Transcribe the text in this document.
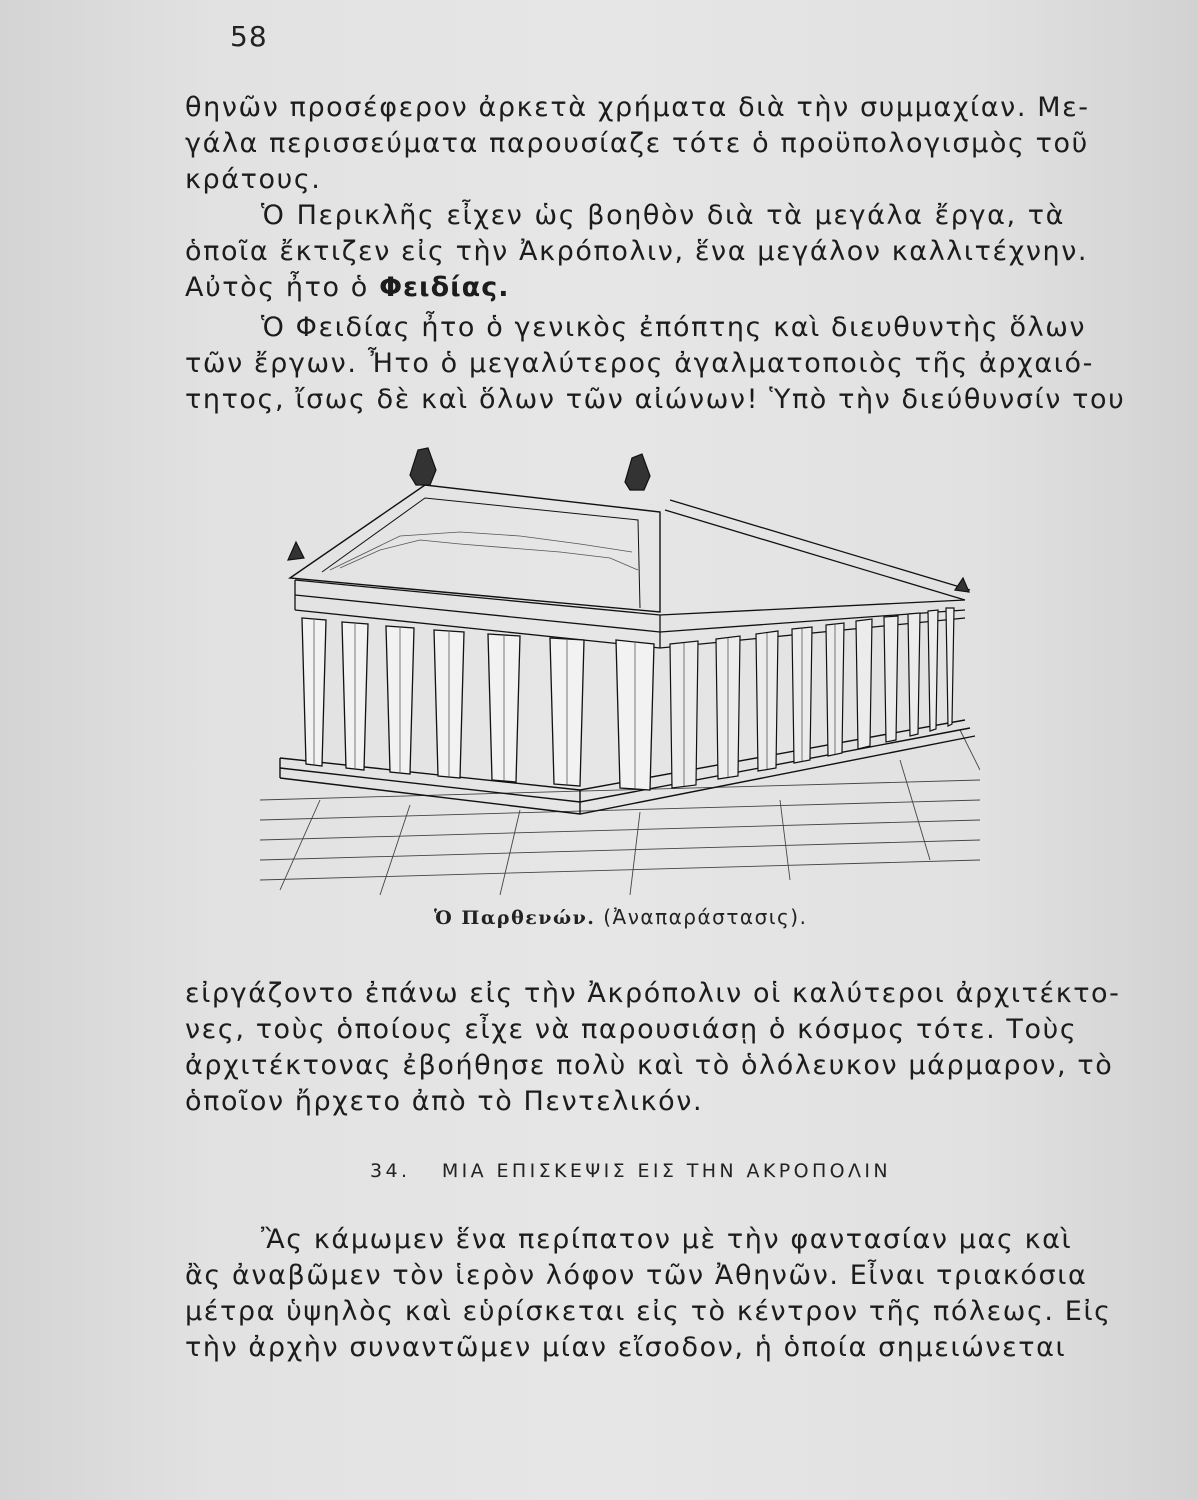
58
θηνῶν προσέφερον ἀρκετὰ χρήματα διὰ τὴν συμμαχίαν. Με-
γάλα περισσεύματα παρουσίαζε τότε ὁ προϋπολογισμὸς τοῦ
κράτους.
Ὁ Περικλῆς εἶχεν ὡς βοηθὸν διὰ τὰ μεγάλα ἔργα, τὰ
ὁποῖα ἔκτιζεν εἰς τὴν Ἀκρόπολιν, ἕνα μεγάλον καλλιτέχνην.
Αὐτὸς ἦτο ὁ Φειδίας.
Ὁ Φειδίας ἦτο ὁ γενικὸς ἐπόπτης καὶ διευθυντὴς ὅλων
τῶν ἔργων. Ἦτο ὁ μεγαλύτερος ἀγαλματοποιὸς τῆς ἀρχαιό-
τητος, ἴσως δὲ καὶ ὅλων τῶν αἰώνων! Ὑπὸ τὴν διεύθυνσίν του
Ὁ Παρθενών. (Ἀναπαράστασις).
εἰργάζοντο ἐπάνω εἰς τὴν Ἀκρόπολιν οἱ καλύτεροι ἀρχιτέκτο-
νες, τοὺς ὁποίους εἶχε νὰ παρουσιάσῃ ὁ κόσμος τότε. Τοὺς
ἀρχιτέκτονας ἐβοήθησε πολὺ καὶ τὸ ὁλόλευκον μάρμαρον, τὸ
ὁποῖον ἤρχετο ἀπὸ τὸ Πεντελικόν.
34. ΜΙΑ ΕΠΙΣΚΕΨΙΣ ΕΙΣ ΤΗΝ ΑΚΡΟΠΟΛΙΝ
Ἂς κάμωμεν ἕνα περίπατον μὲ τὴν φαντασίαν μας καὶ
ἂς ἀναβῶμεν τὸν ἱερὸν λόφον τῶν Ἀθηνῶν. Εἶναι τριακόσια
μέτρα ὑψηλὸς καὶ εὑρίσκεται εἰς τὸ κέντρον τῆς πόλεως. Εἰς
τὴν ἀρχὴν συναντῶμεν μίαν εἴσοδον, ἡ ὁποία σημειώνεται
